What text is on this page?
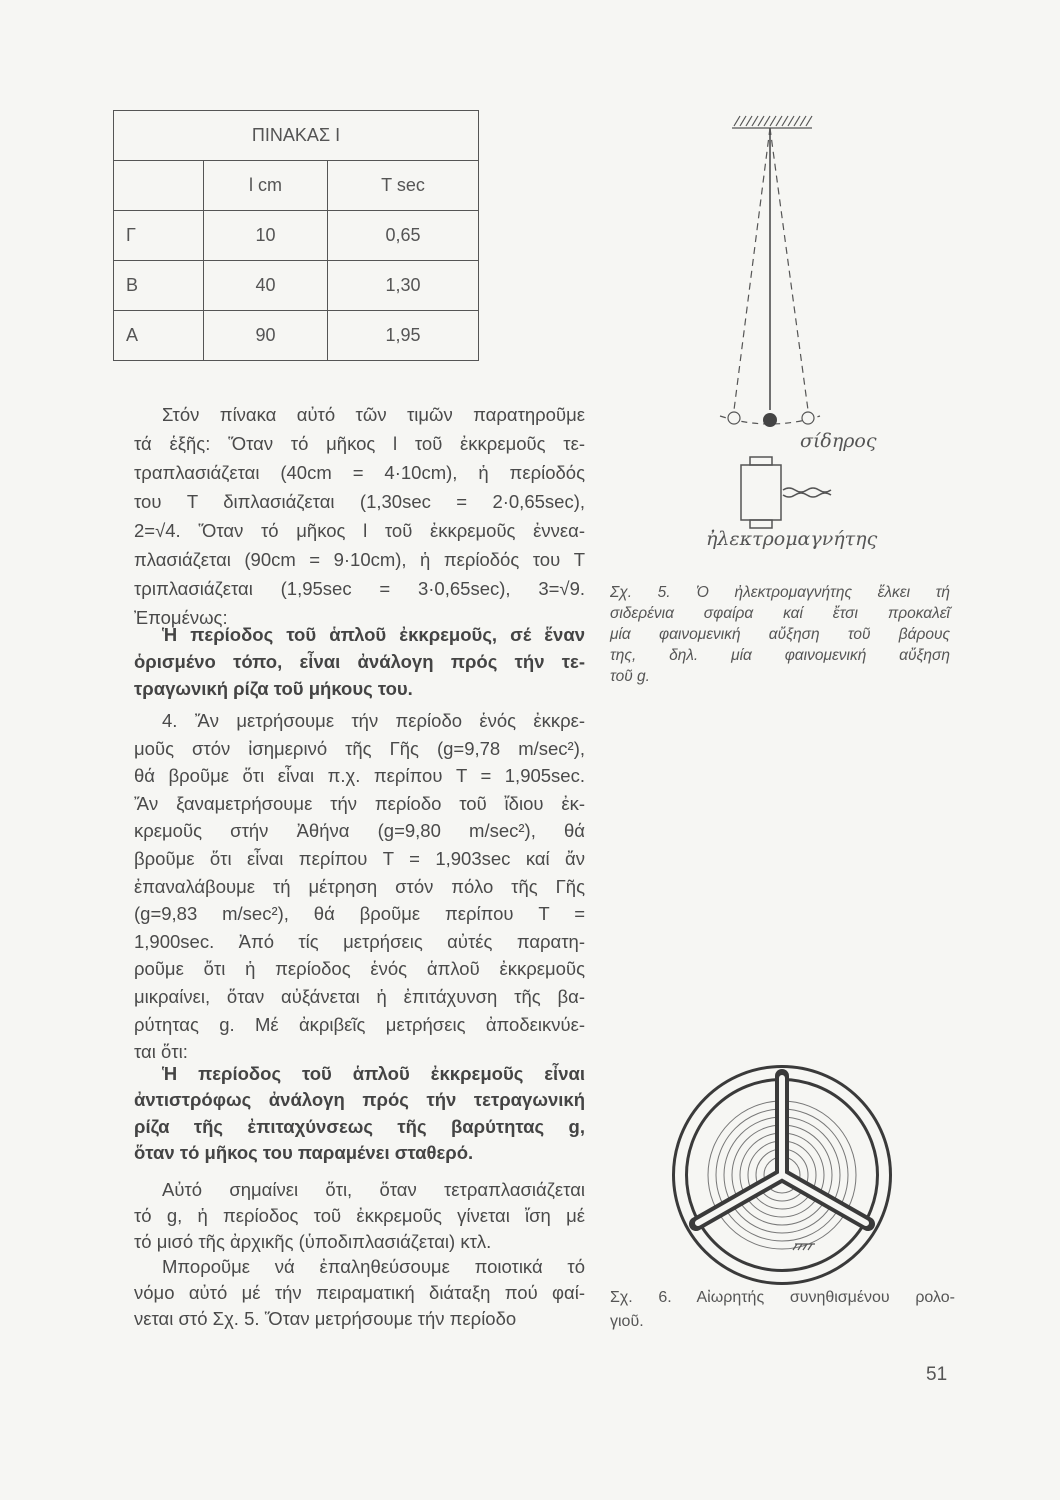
ΠΙΝΑΚΑΣ Ι		
	l cm	T sec
Γ	10	0,65
Β	40	1,30
Α	90	1,95
Στόν πίνακα αὐτό τῶν τιμῶν παρατηροῦμε
τά ἑξῆς: Ὅταν τό μῆκος l τοῦ ἐκκρεμοῦς τε-
τραπλασιάζεται (40cm = 4·10cm), ἡ περίοδός
του T διπλασιάζεται (1,30sec = 2·0,65sec),
2=√4. Ὅταν τό μῆκος l τοῦ ἐκκρεμοῦς ἐννεα-
πλασιάζεται (90cm = 9·10cm), ἡ περίοδός του T
τριπλασιάζεται (1,95sec = 3·0,65sec), 3=√9.
Ἐπομένως:
Ἡ περίοδος τοῦ ἁπλοῦ ἐκκρεμοῦς, σέ ἕναν
ὁρισμένο τόπο, εἶναι ἀνάλογη πρός τήν τε-
τραγωνική ρίζα τοῦ μήκους του.
4. Ἄν μετρήσουμε τήν περίοδο ἑνός ἐκκρε-
μοῦς στόν ἰσημερινό τῆς Γῆς (g=9,78 m/sec²),
θά βροῦμε ὅτι εἶναι π.χ. περίπου T = 1,905sec.
Ἄν ξαναμετρήσουμε τήν περίοδο τοῦ ἴδιου ἐκ-
κρεμοῦς στήν Ἀθήνα (g=9,80 m/sec²), θά
βροῦμε ὅτι εἶναι περίπου T = 1,903sec καί ἄν
ἐπαναλάβουμε τή μέτρηση στόν πόλο τῆς Γῆς
(g=9,83 m/sec²), θά βροῦμε περίπου T =
1,900sec. Ἀπό τίς μετρήσεις αὐτές παρατη-
ροῦμε ὅτι ἡ περίοδος ἑνός ἁπλοῦ ἐκκρεμοῦς
μικραίνει, ὅταν αὐξάνεται ἡ ἐπιτάχυνση τῆς βα-
ρύτητας g. Μέ ἀκριβεῖς μετρήσεις ἀποδεικνύε-
ται ὅτι:
Ἡ περίοδος τοῦ ἁπλοῦ ἐκκρεμοῦς εἶναι
ἀντιστρόφως ἀνάλογη πρός τήν τετραγωνική
ρίζα τῆς ἐπιταχύνσεως τῆς βαρύτητας g,
ὅταν τό μῆκος του παραμένει σταθερό.
Αὐτό σημαίνει ὅτι, ὅταν τετραπλασιάζεται
τό g, ἡ περίοδος τοῦ ἐκκρεμοῦς γίνεται ἴση μέ
τό μισό τῆς ἀρχικῆς (ὑποδιπλασιάζεται) κτλ.
Μποροῦμε νά ἐπαληθεύσουμε ποιοτικά τό
νόμο αὐτό μέ τήν πειραματική διάταξη πού φαί-
νεται στό Σχ. 5. Ὅταν μετρήσουμε τήν περίοδο
σίδηρος
ἠλεκτρομαγνήτης
Σχ. 5. Ὁ ἠλεκτρομαγνήτης ἕλκει τή
σιδερένια σφαίρα καί ἔτσι προκαλεῖ
μία φαινομενική αὔξηση τοῦ βάρους
της, δηλ. μία φαινομενική αὔξηση
τοῦ g.
Σχ. 6. Αἰωρητής συνηθισμένου ρολο-
γιοῦ.
51
